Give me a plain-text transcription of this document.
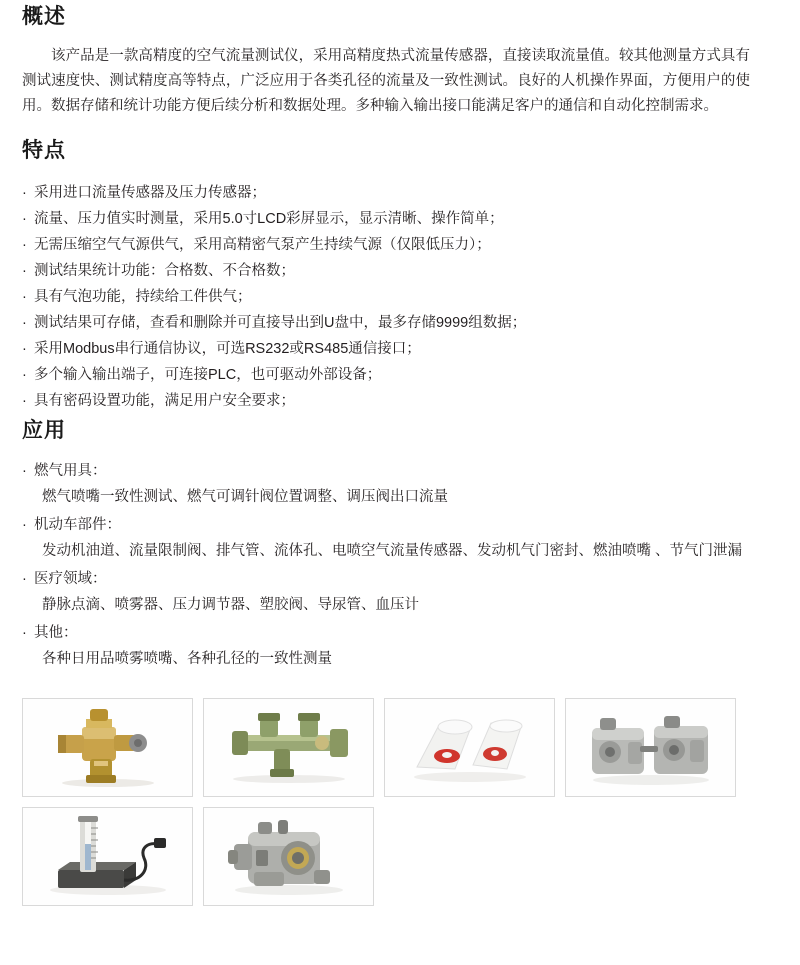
概述

该产品是一款高精度的空气流量测试仪，采用高精度热式流量传感器，直接读取流量值。较其他测量方式具有测试速度快、测试精度高等特点，广泛应用于各类孔径的流量及一致性测试。良好的人机操作界面，方便用户的使用。数据存储和统计功能方便后续分析和数据处理。多种输入输出接口能满足客户的通信和自动化控制需求。

特点
· 采用进口流量传感器及压力传感器；
· 流量、压力值实时测量，采用5.0寸LCD彩屏显示，显示清晰、操作简单；
· 无需压缩空气气源供气，采用高精密气泵产生持续气源（仅限低压力）；
· 测试结果统计功能：合格数、不合格数；
· 具有气泡功能，持续给工件供气；
· 测试结果可存储，查看和删除并可直接导出到U盘中，最多存储9999组数据；
· 采用Modbus串行通信协议，可选RS232或RS485通信接口；
· 多个输入输出端子，可连接PLC，也可驱动外部设备；
· 具有密码设置功能，满足用户安全要求；
应用
· 燃气用具：
燃气喷嘴一致性测试、燃气可调针阀位置调整、调压阀出口流量
· 机动车部件：
发动机油道、流量限制阀、排气管、流体孔、电喷空气流量传感器、发动机气门密封、燃油喷嘴 、节气门泄漏
· 医疗领域：
静脉点滴、喷雾器、压力调节器、塑胶阀、导尿管、血压计
· 其他：
各种日用品喷雾喷嘴、各种孔径的一致性测量
